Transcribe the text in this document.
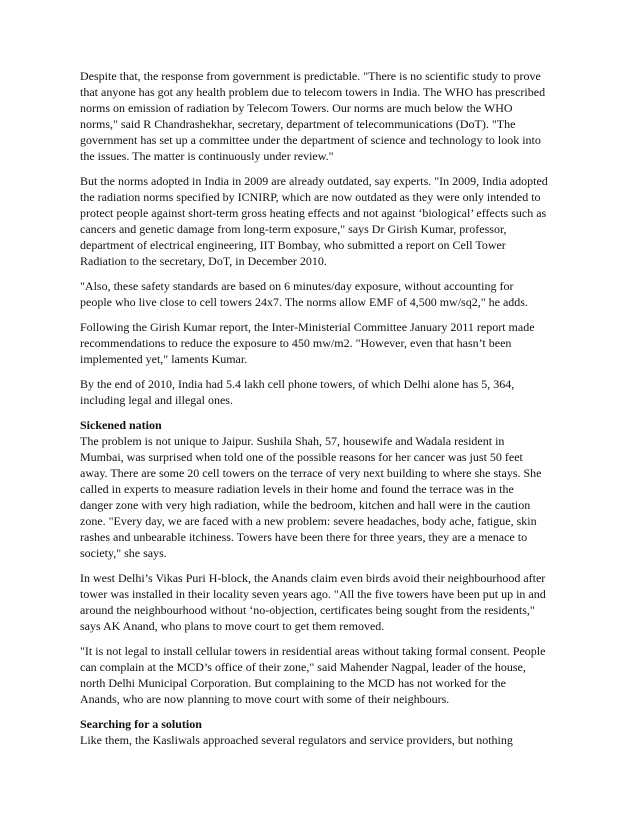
Despite that, the response from government is predictable. "There is no scientific study to prove
that anyone has got any health problem due to telecom towers in India. The WHO has prescribed
norms on emission of radiation by Telecom Towers. Our norms are much below the WHO
norms," said R Chandrashekhar, secretary, department of telecommunications (DoT). "The
government has set up a committee under the department of science and technology to look into
the issues. The matter is continuously under review."

But the norms adopted in India in 2009 are already outdated, say experts. "In 2009, India adopted
the radiation norms specified by ICNIRP, which are now outdated as they were only intended to
protect people against short-term gross heating effects and not against ‘biological’ effects such as
cancers and genetic damage from long-term exposure," says Dr Girish Kumar, professor,
department of electrical engineering, IIT Bombay, who submitted a report on Cell Tower
Radiation to the secretary, DoT, in December 2010.

"Also, these safety standards are based on 6 minutes/day exposure, without accounting for
people who live close to cell towers 24x7. The norms allow EMF of 4,500 mw/sq2," he adds.

Following the Girish Kumar report, the Inter-Ministerial Committee January 2011 report made
recommendations to reduce the exposure to 450 mw/m2. "However, even that hasn’t been
implemented yet," laments Kumar.

By the end of 2010, India had 5.4 lakh cell phone towers, of which Delhi alone has 5, 364,
including legal and illegal ones.

Sickened nation

The problem is not unique to Jaipur. Sushila Shah, 57, housewife and Wadala resident in
Mumbai, was surprised when told one of the possible reasons for her cancer was just 50 feet
away. There are some 20 cell towers on the terrace of very next building to where she stays. She
called in experts to measure radiation levels in their home and found the terrace was in the
danger zone with very high radiation, while the bedroom, kitchen and hall were in the caution
zone. "Every day, we are faced with a new problem: severe headaches, body ache, fatigue, skin
rashes and unbearable itchiness. Towers have been there for three years, they are a menace to
society," she says.

In west Delhi’s Vikas Puri H-block, the Anands claim even birds avoid their neighbourhood after
tower was installed in their locality seven years ago. "All the five towers have been put up in and
around the neighbourhood without ‘no-objection, certificates being sought from the residents,"
says AK Anand, who plans to move court to get them removed.

"It is not legal to install cellular towers in residential areas without taking formal consent. People
can complain at the MCD’s office of their zone," said Mahender Nagpal, leader of the house,
north Delhi Municipal Corporation. But complaining to the MCD has not worked for the
Anands, who are now planning to move court with some of their neighbours.

Searching for a solution

Like them, the Kasliwals approached several regulators and service providers, but nothing
